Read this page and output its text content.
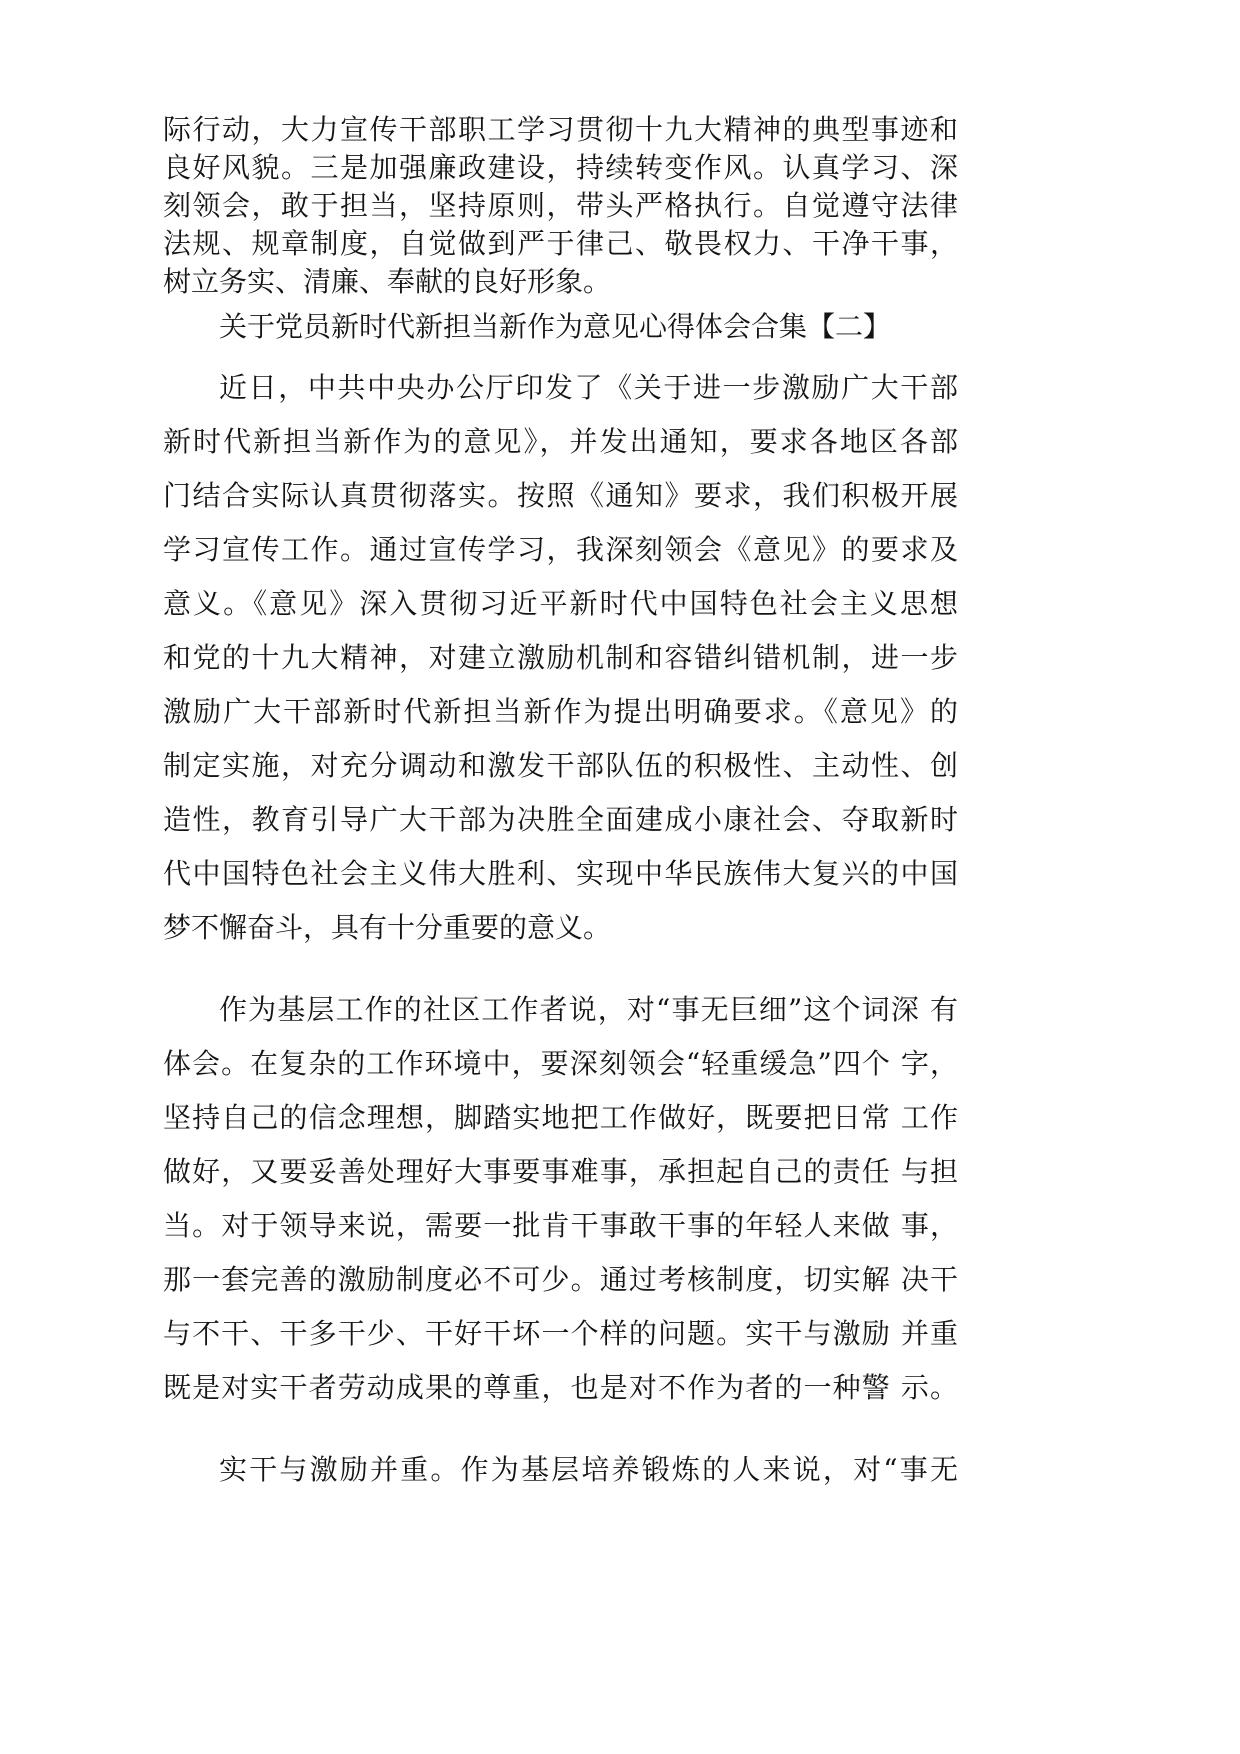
际行动，大力宣传干部职工学习贯彻十九大精神的典型事迹和
良好风貌。三是加强廉政建设，持续转变作风。认真学习、深
刻领会，敢于担当，坚持原则，带头严格执行。自觉遵守法律
法规、规章制度，自觉做到严于律己、敬畏权力、干净干事，
树立务实、清廉、奉献的良好形象。
关于党员新时代新担当新作为意见心得体会合集【二】
近日，中共中央办公厅印发了《关于进一步激励广大干部
新时代新担当新作为的意见》，并发出通知，要求各地区各部
门结合实际认真贯彻落实。按照《通知》要求，我们积极开展
学习宣传工作。通过宣传学习，我深刻领会《意见》的要求及
意义。《意见》深入贯彻习近平新时代中国特色社会主义思想
和党的十九大精神，对建立激励机制和容错纠错机制，进一步
激励广大干部新时代新担当新作为提出明确要求。《意见》的
制定实施，对充分调动和激发干部队伍的积极性、主动性、创
造性，教育引导广大干部为决胜全面建成小康社会、夺取新时
代中国特色社会主义伟大胜利、实现中华民族伟大复兴的中国
梦不懈奋斗，具有十分重要的意义。
作为基层工作的社区工作者说，对“事无巨细”这个词深 有
体会。在复杂的工作环境中，要深刻领会“轻重缓急”四个 字，
坚持自己的信念理想，脚踏实地把工作做好，既要把日常 工作
做好，又要妥善处理好大事要事难事，承担起自己的责任 与担
当。对于领导来说，需要一批肯干事敢干事的年轻人来做 事，
那一套完善的激励制度必不可少。通过考核制度，切实解 决干
与不干、干多干少、干好干坏一个样的问题。实干与激励 并重
既是对实干者劳动成果的尊重，也是对不作为者的一种警 示。
实干与激励并重。作为基层培养锻炼的人来说，对“事无
